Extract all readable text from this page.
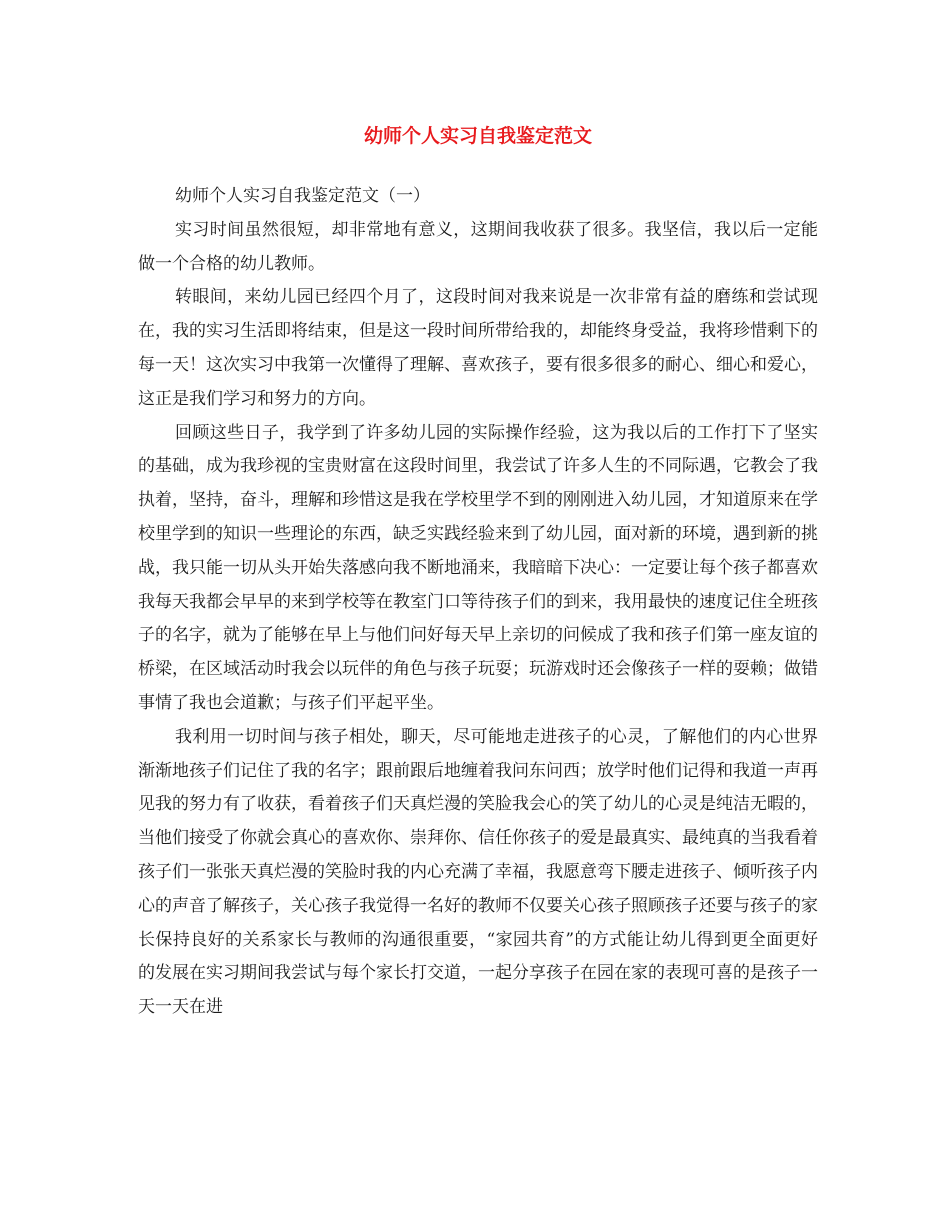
幼师个人实习自我鉴定范文

幼师个人实习自我鉴定范文（一）

实习时间虽然很短，却非常地有意义，这期间我收获了很多。我坚信，我以后一定能做一个合格的幼儿教师。

转眼间，来幼儿园已经四个月了，这段时间对我来说是一次非常有益的磨练和尝试现在，我的实习生活即将结束，但是这一段时间所带给我的，却能终身受益，我将珍惜剩下的每一天！这次实习中我第一次懂得了理解、喜欢孩子，要有很多很多的耐心、细心和爱心，这正是我们学习和努力的方向。

回顾这些日子，我学到了许多幼儿园的实际操作经验，这为我以后的工作打下了坚实的基础，成为我珍视的宝贵财富在这段时间里，我尝试了许多人生的不同际遇，它教会了我执着，坚持，奋斗，理解和珍惜这是我在学校里学不到的刚刚进入幼儿园，才知道原来在学校里学到的知识一些理论的东西，缺乏实践经验来到了幼儿园，面对新的环境，遇到新的挑战，我只能一切从头开始失落感向我不断地涌来，我暗暗下决心：一定要让每个孩子都喜欢我每天我都会早早的来到学校等在教室门口等待孩子们的到来，我用最快的速度记住全班孩子的名字，就为了能够在早上与他们问好每天早上亲切的问候成了我和孩子们第一座友谊的桥梁，在区域活动时我会以玩伴的角色与孩子玩耍；玩游戏时还会像孩子一样的耍赖；做错事情了我也会道歉；与孩子们平起平坐。

我利用一切时间与孩子相处，聊天，尽可能地走进孩子的心灵，了解他们的内心世界渐渐地孩子们记住了我的名字；跟前跟后地缠着我问东问西；放学时他们记得和我道一声再见我的努力有了收获，看着孩子们天真烂漫的笑脸我会心的笑了幼儿的心灵是纯洁无暇的，当他们接受了你就会真心的喜欢你、崇拜你、信任你孩子的爱是最真实、最纯真的当我看着孩子们一张张天真烂漫的笑脸时我的内心充满了幸福，我愿意弯下腰走进孩子、倾听孩子内心的声音了解孩子，关心孩子我觉得一名好的教师不仅要关心孩子照顾孩子还要与孩子的家长保持良好的关系家长与教师的沟通很重要，“家园共育”的方式能让幼儿得到更全面更好的发展在实习期间我尝试与每个家长打交道，一起分享孩子在园在家的表现可喜的是孩子一天一天在进
